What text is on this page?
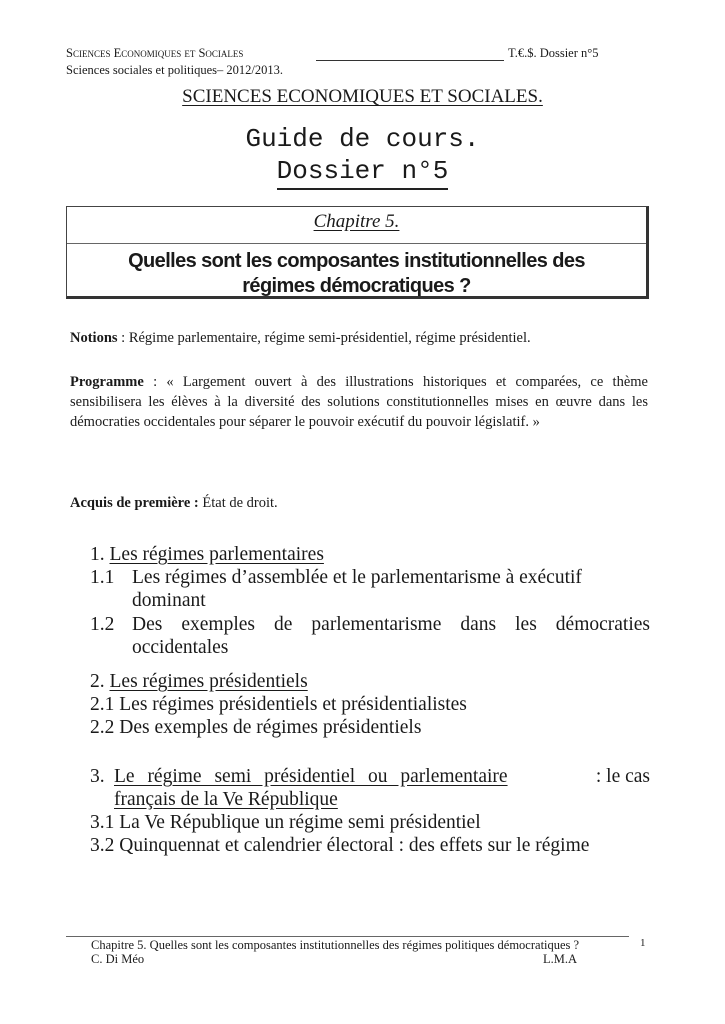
Sciences Economiques et Sociales	T.€.$. Dossier n°5
Sciences sociales et politiques– 2012/2013.
SCIENCES ECONOMIQUES ET SOCIALES.
Guide de cours.
Dossier n°5
Chapitre 5.
Quelles sont les composantes institutionnelles des
régimes démocratiques ?
Notions : Régime parlementaire, régime semi-présidentiel, régime présidentiel.
Programme : « Largement ouvert à des illustrations historiques et comparées, ce thème sensibilisera les élèves à la diversité des solutions constitutionnelles mises en œuvre dans les démocraties occidentales pour séparer le pouvoir exécutif du pouvoir législatif. »
Acquis de première : État de droit.
1. Les régimes parlementaires
1.1 Les régimes d’assemblée et le parlementarisme à exécutif dominant
1.2 Des exemples de parlementarisme dans les démocraties occidentales
2. Les régimes présidentiels
2.1 Les régimes présidentiels et présidentialistes
2.2 Des exemples de régimes présidentiels
3. Le régime semi présidentiel ou parlementaire	: le cas
français de la Ve République
3.1 La Ve République un régime semi présidentiel
3.2 Quinquennat et calendrier électoral : des effets sur le régime
Chapitre 5. Quelles sont les composantes institutionnelles des régimes politiques démocratiques ?	1
C. Di Méo	L.M.A
